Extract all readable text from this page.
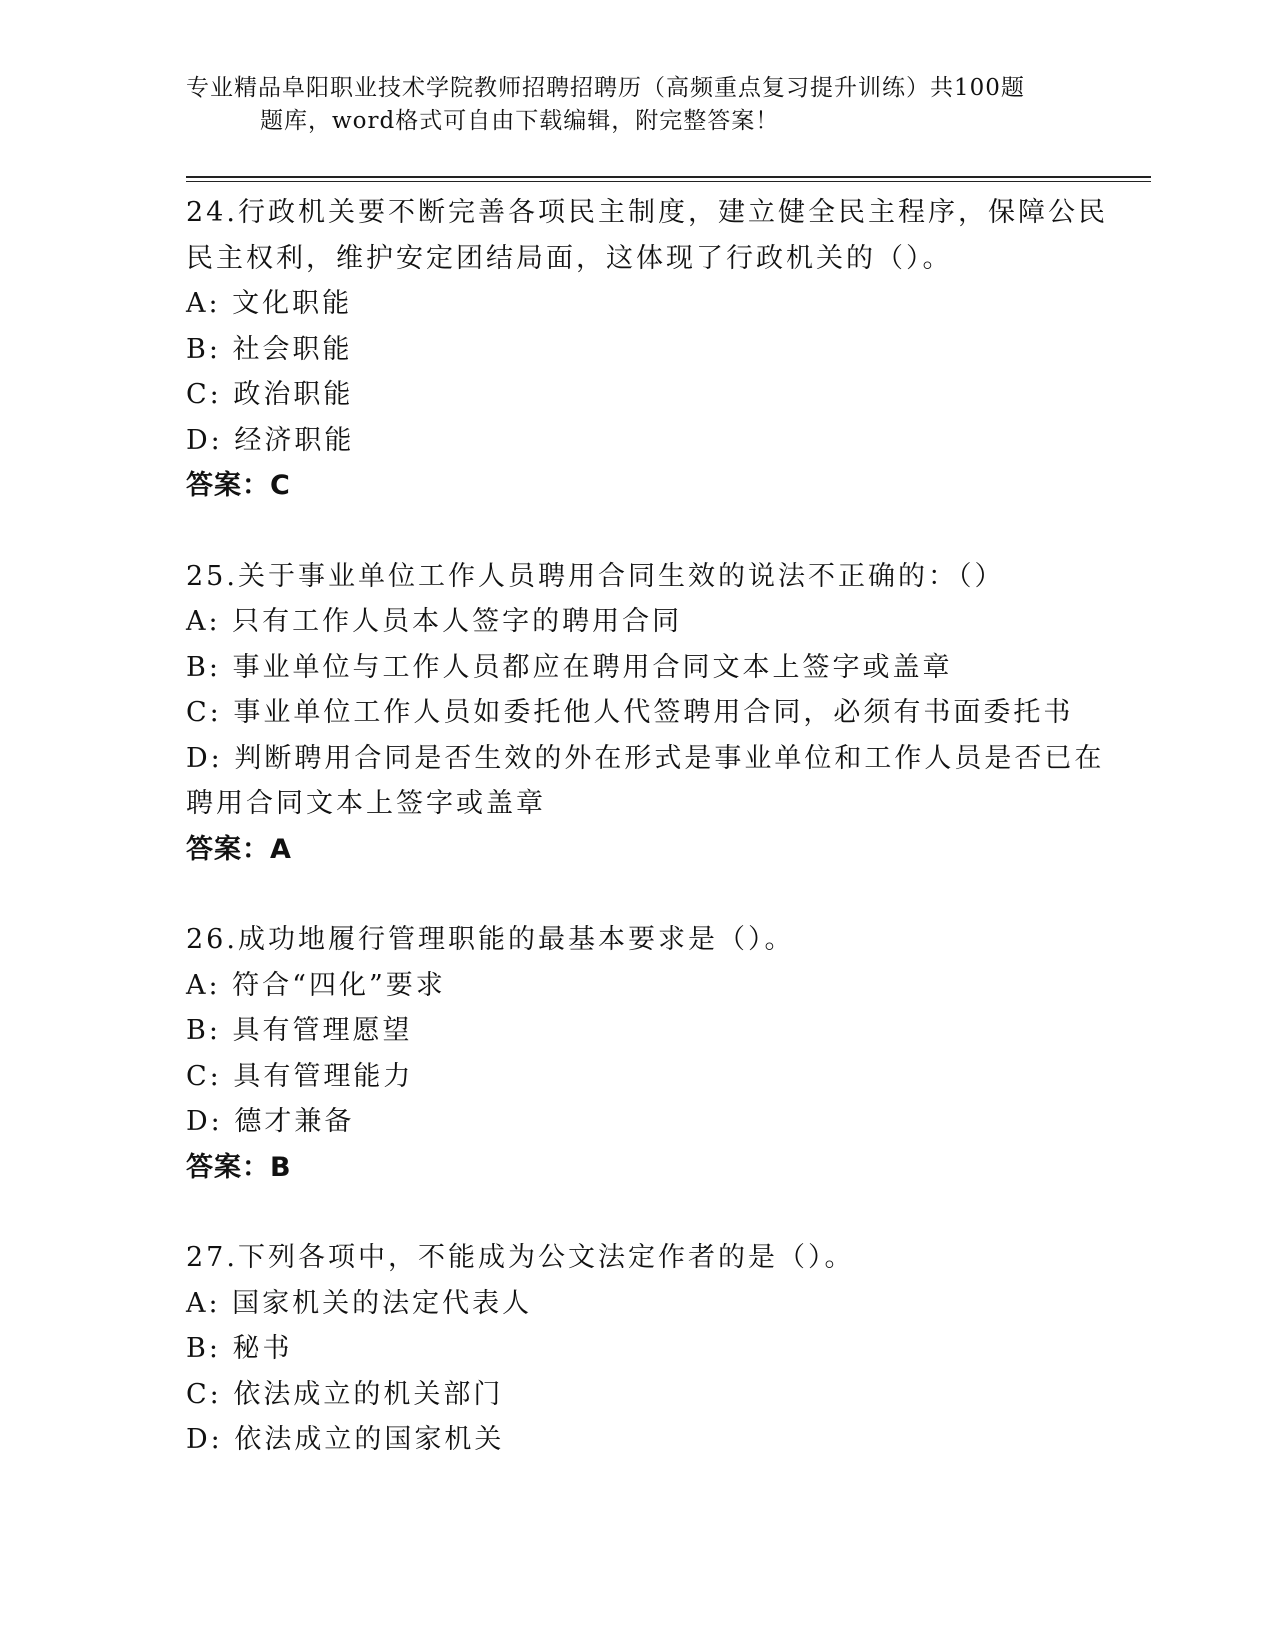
专业精品阜阳职业技术学院教师招聘招聘历（高频重点复习提升训练）共100题
题库，word格式可自由下载编辑，附完整答案！
24.行政机关要不断完善各项民主制度，建立健全民主程序，保障公民
民主权利，维护安定团结局面，这体现了行政机关的（）。
A: 文化职能
B: 社会职能
C: 政治职能
D: 经济职能
答案：C
25.关于事业单位工作人员聘用合同生效的说法不正确的：（）
A: 只有工作人员本人签字的聘用合同
B: 事业单位与工作人员都应在聘用合同文本上签字或盖章
C: 事业单位工作人员如委托他人代签聘用合同，必须有书面委托书
D: 判断聘用合同是否生效的外在形式是事业单位和工作人员是否已在
聘用合同文本上签字或盖章
答案：A
26.成功地履行管理职能的最基本要求是（）。
A: 符合“四化”要求
B: 具有管理愿望
C: 具有管理能力
D: 德才兼备
答案：B
27.下列各项中，不能成为公文法定作者的是（）。
A: 国家机关的法定代表人
B: 秘书
C: 依法成立的机关部门
D: 依法成立的国家机关
